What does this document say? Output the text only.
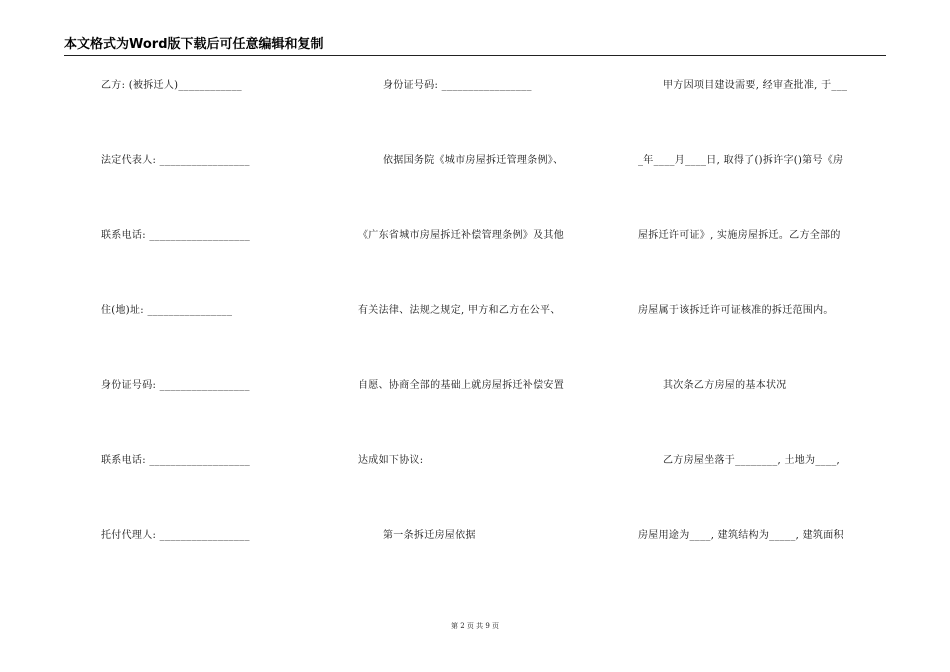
本文格式为Word版下载后可任意编辑和复制
乙方: (被拆迁人)____________
法定代表人: _________________
联系电话: ___________________
住(地)址: ________________
身份证号码: _________________
联系电话: ___________________
托付代理人: _________________
身份证号码: _________________
依据国务院《城市房屋拆迁管理条例》、
《广东省城市房屋拆迁补偿管理条例》及其他
有关法律、法规之规定, 甲方和乙方在公平、
自愿、协商全部的基础上就房屋拆迁补偿安置
达成如下协议:
第一条拆迁房屋依据
甲方因项目建设需要, 经审查批准, 于___
_年____月____日, 取得了()拆许字()第号《房
屋拆迁许可证》, 实施房屋拆迁。乙方全部的
房屋属于该拆迁许可证核准的拆迁范围内。
其次条乙方房屋的基本状况
乙方房屋坐落于________, 土地为____,
房屋用途为____, 建筑结构为_____, 建筑面积
第 2 页 共 9 页
